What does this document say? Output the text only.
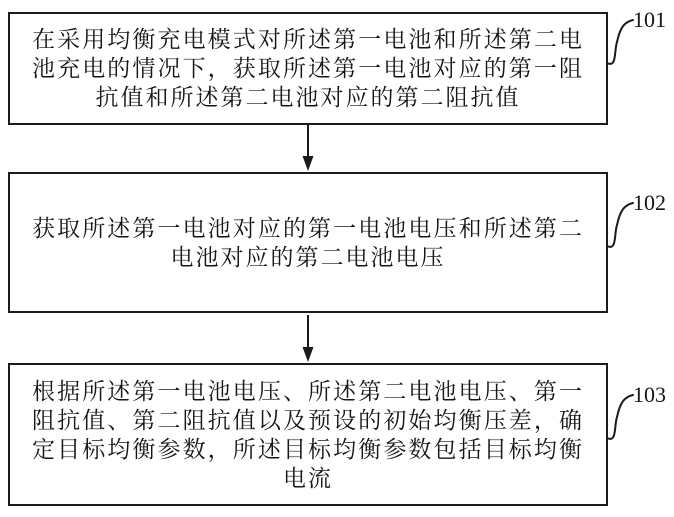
在采用均衡充电模式对所述第一电池和所述第二电
池充电的情况下，获取所述第一电池对应的第一阻
抗值和所述第二电池对应的第二阻抗值
获取所述第一电池对应的第一电池电压和所述第二
电池对应的第二电池电压
根据所述第一电池电压、所述第二电池电压、第一
阻抗值、第二阻抗值以及预设的初始均衡压差，确
定目标均衡参数，所述目标均衡参数包括目标均衡
电流
101
102
103
